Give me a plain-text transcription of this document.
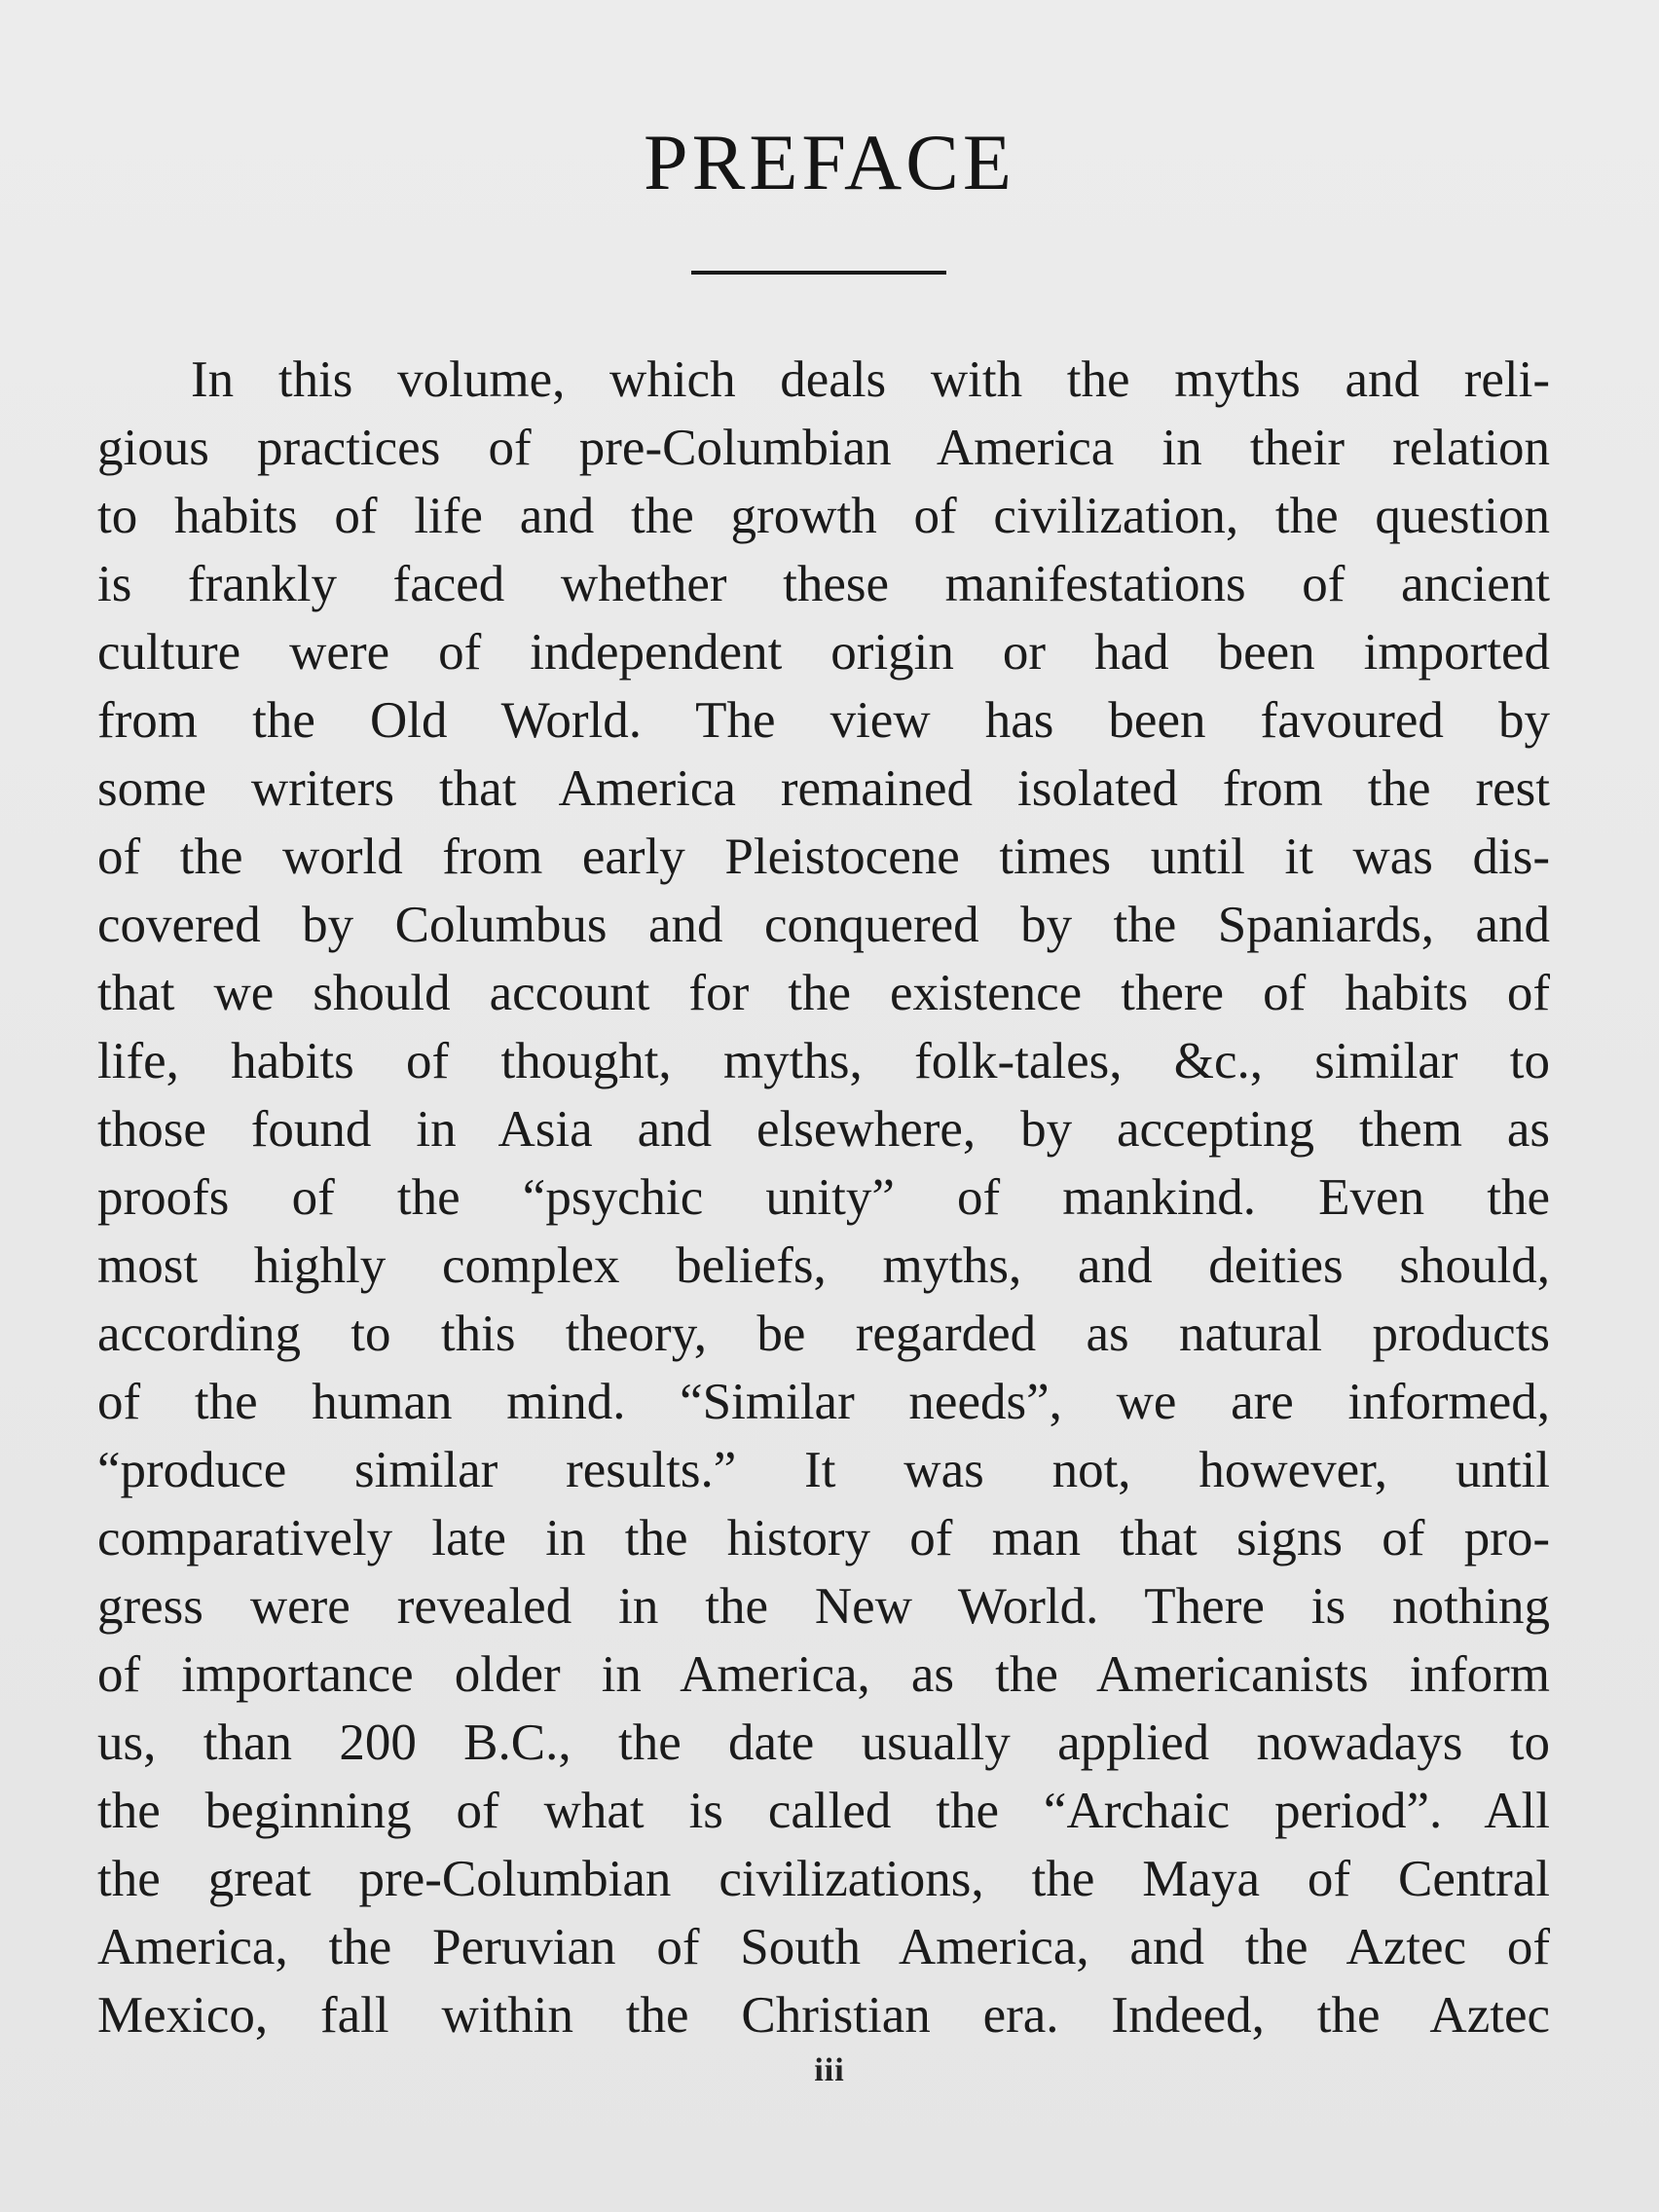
PREFACE
In this volume, which deals with the myths and reli-
gious practices of pre-Columbian America in their relation
to habits of life and the growth of civilization, the question
is frankly faced whether these manifestations of ancient
culture were of independent origin or had been imported
from the Old World. The view has been favoured by
some writers that America remained isolated from the rest
of the world from early Pleistocene times until it was dis-
covered by Columbus and conquered by the Spaniards, and
that we should account for the existence there of habits of
life, habits of thought, myths, folk-tales, &c., similar to
those found in Asia and elsewhere, by accepting them as
proofs of the “psychic unity” of mankind. Even the
most highly complex beliefs, myths, and deities should,
according to this theory, be regarded as natural products
of the human mind. “Similar needs”, we are informed,
“produce similar results.” It was not, however, until
comparatively late in the history of man that signs of pro-
gress were revealed in the New World. There is nothing
of importance older in America, as the Americanists inform
us, than 200 B.C., the date usually applied nowadays to
the beginning of what is called the “Archaic period”. All
the great pre-Columbian civilizations, the Maya of Central
America, the Peruvian of South America, and the Aztec of
Mexico, fall within the Christian era. Indeed, the Aztec
iii
